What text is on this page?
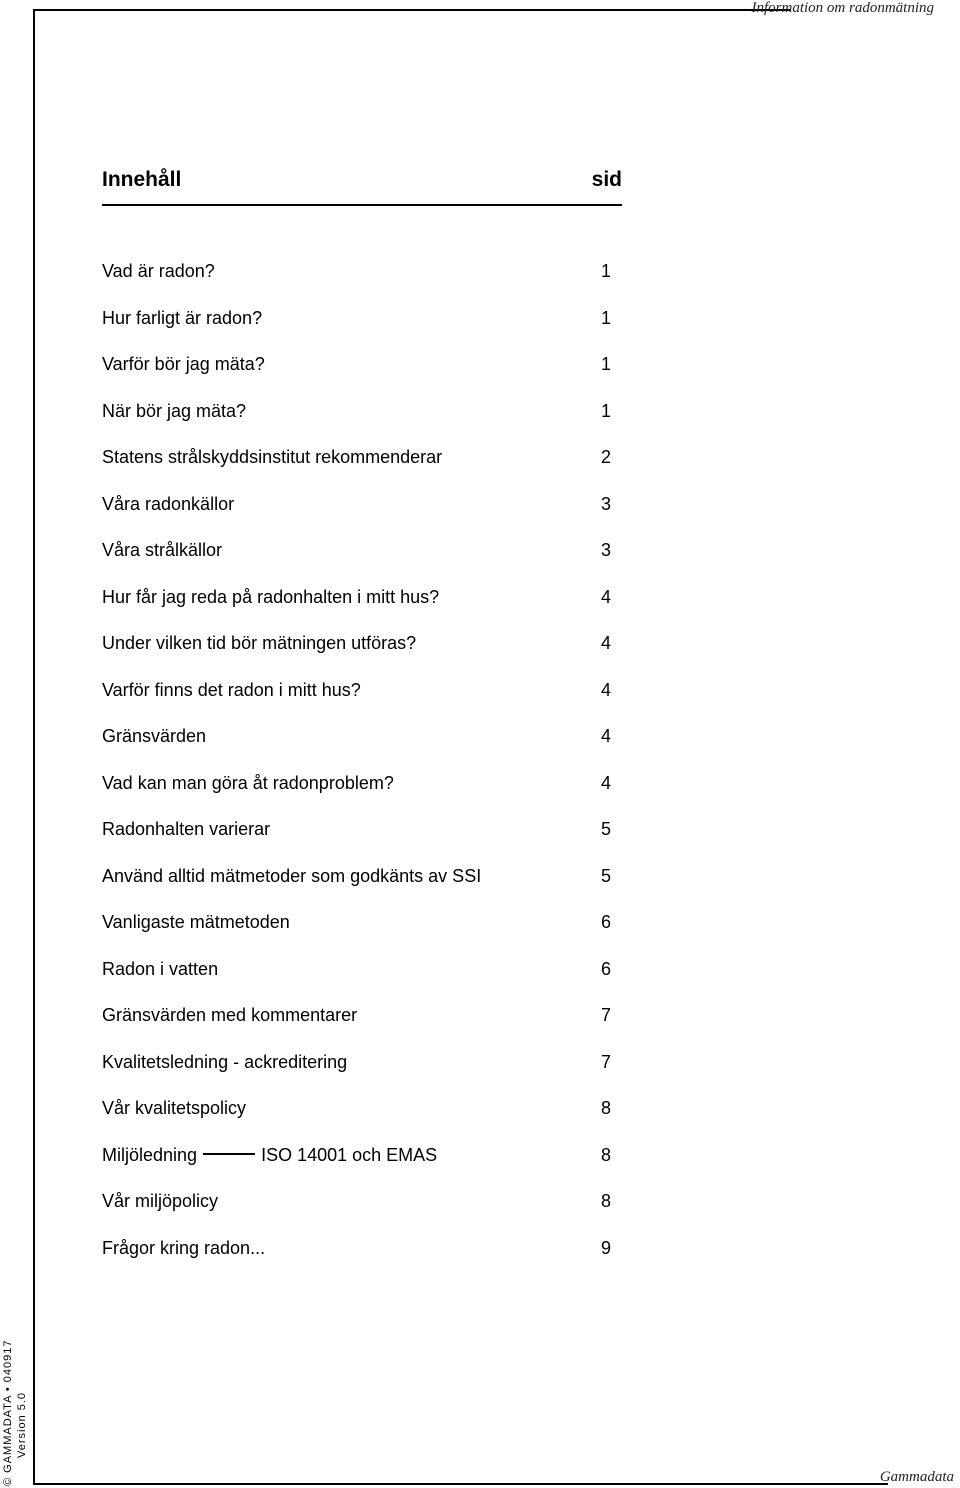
Information om radonmätning
Gammadata
© GAMMADATA • 040917 Version 5.0
Innehåll	sid
Vad är radon?	1
Hur farligt är radon?	1
Varför bör jag mäta?	1
När bör jag mäta?	1
Statens strålskyddsinstitut rekommenderar	2
Våra radonkällor	3
Våra strålkällor	3
Hur får jag reda på radonhalten i mitt hus?	4
Under vilken tid bör mätningen utföras?	4
Varför finns det radon i mitt hus?	4
Gränsvärden	4
Vad kan man göra åt radonproblem?	4
Radonhalten varierar	5
Använd alltid mätmetoder som godkänts av SSI	5
Vanligaste mätmetoden	6
Radon i vatten	6
Gränsvärden med kommentarer	7
Kvalitetsledning - ackreditering	7
Vår kvalitetspolicy	8
Miljöledning	ISO 14001 och EMAS	8
Vår miljöpolicy	8
Frågor kring radon...	9
